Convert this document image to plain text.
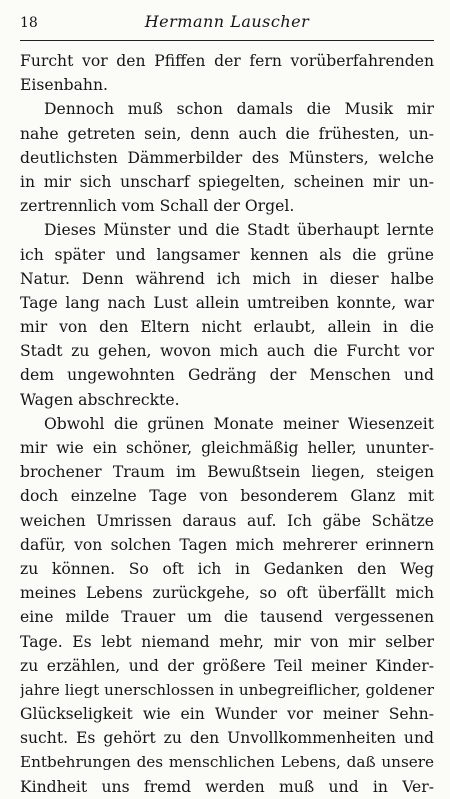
18	Hermann Lauscher
Furcht vor den Pfiffen der fern vorüberfahrenden
Eisenbahn.
Dennoch muß schon damals die Musik mir
nahe getreten sein, denn auch die frühesten, un-
deutlichsten Dämmerbilder des Münsters, welche
in mir sich unscharf spiegelten, scheinen mir un-
zertrennlich vom Schall der Orgel.
Dieses Münster und die Stadt überhaupt lernte
ich später und langsamer kennen als die grüne
Natur. Denn während ich mich in dieser halbe
Tage lang nach Lust allein umtreiben konnte, war
mir von den Eltern nicht erlaubt, allein in die
Stadt zu gehen, wovon mich auch die Furcht vor
dem ungewohnten Gedräng der Menschen und
Wagen abschreckte.
Obwohl die grünen Monate meiner Wiesenzeit
mir wie ein schöner, gleichmäßig heller, ununter-
brochener Traum im Bewußtsein liegen, steigen
doch einzelne Tage von besonderem Glanz mit
weichen Umrissen daraus auf. Ich gäbe Schätze
dafür, von solchen Tagen mich mehrerer erinnern
zu können. So oft ich in Gedanken den Weg
meines Lebens zurückgehe, so oft überfällt mich
eine milde Trauer um die tausend vergessenen
Tage. Es lebt niemand mehr, mir von mir selber
zu erzählen, und der größere Teil meiner Kinder-
jahre liegt unerschlossen in unbegreiflicher, goldener
Glückseligkeit wie ein Wunder vor meiner Sehn-
sucht. Es gehört zu den Unvollkommenheiten und
Entbehrungen des menschlichen Lebens, daß unsere
Kindheit uns fremd werden muß und in Ver-
